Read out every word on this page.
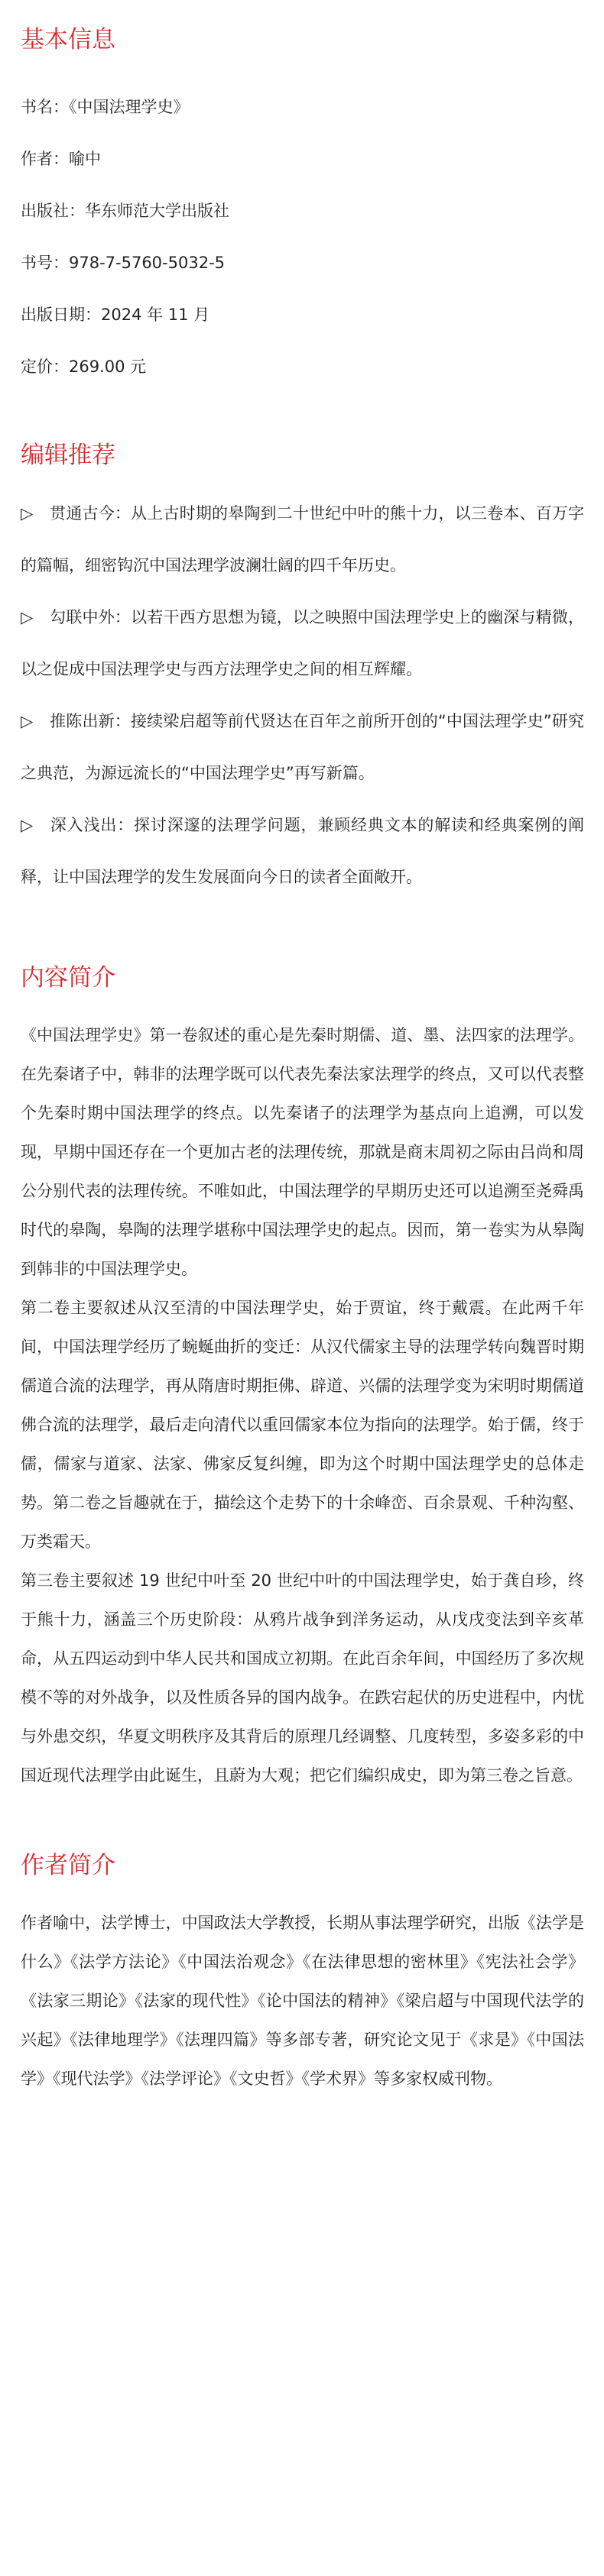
基本信息
书名：《中国法理学史》
作者：喻中
出版社：华东师范大学出版社
书号：978-7-5760-5032-5
出版日期：2024 年 11 月
定价：269.00 元
编辑推荐
▷ 贯通古今：从上古时期的皋陶到二十世纪中叶的熊十力，以三卷本、百万字的篇幅，细密钩沉中国法理学波澜壮阔的四千年历史。
▷ 勾联中外：以若干西方思想为镜，以之映照中国法理学史上的幽深与精微，以之促成中国法理学史与西方法理学史之间的相互辉耀。
▷ 推陈出新：接续梁启超等前代贤达在百年之前所开创的“中国法理学史”研究之典范，为源远流长的“中国法理学史”再写新篇。
▷ 深入浅出：探讨深邃的法理学问题，兼顾经典文本的解读和经典案例的阐释，让中国法理学的发生发展面向今日的读者全面敞开。
内容简介

《中国法理学史》第一卷叙述的重心是先秦时期儒、道、墨、法四家的法理学。在先秦诸子中，韩非的法理学既可以代表先秦法家法理学的终点，又可以代表整个先秦时期中国法理学的终点。以先秦诸子的法理学为基点向上追溯，可以发现，早期中国还存在一个更加古老的法理传统，那就是商末周初之际由吕尚和周公分别代表的法理传统。不唯如此，中国法理学的早期历史还可以追溯至尧舜禹时代的皋陶，皋陶的法理学堪称中国法理学史的起点。因而，第一卷实为从皋陶到韩非的中国法理学史。

第二卷主要叙述从汉至清的中国法理学史，始于贾谊，终于戴震。在此两千年间，中国法理学经历了蜿蜒曲折的变迁：从汉代儒家主导的法理学转向魏晋时期儒道合流的法理学，再从隋唐时期拒佛、辟道、兴儒的法理学变为宋明时期儒道佛合流的法理学，最后走向清代以重回儒家本位为指向的法理学。始于儒，终于儒，儒家与道家、法家、佛家反复纠缠，即为这个时期中国法理学史的总体走势。第二卷之旨趣就在于，描绘这个走势下的十余峰峦、百余景观、千种沟壑、万类霜天。

第三卷主要叙述 19 世纪中叶至 20 世纪中叶的中国法理学史，始于龚自珍，终于熊十力，涵盖三个历史阶段：从鸦片战争到洋务运动，从戊戌变法到辛亥革命，从五四运动到中华人民共和国成立初期。在此百余年间，中国经历了多次规模不等的对外战争，以及性质各异的国内战争。在跌宕起伏的历史进程中，内忧与外患交织，华夏文明秩序及其背后的原理几经调整、几度转型，多姿多彩的中国近现代法理学由此诞生，且蔚为大观；把它们编织成史，即为第三卷之旨意。

作者简介

作者喻中，法学博士，中国政法大学教授，长期从事法理学研究，出版《法学是什么》《法学方法论》《中国法治观念》《在法律思想的密林里》《宪法社会学》《法家三期论》《法家的现代性》《论中国法的精神》《梁启超与中国现代法学的兴起》《法律地理学》《法理四篇》等多部专著，研究论文见于《求是》《中国法学》《现代法学》《法学评论》《文史哲》《学术界》等多家权威刊物。
